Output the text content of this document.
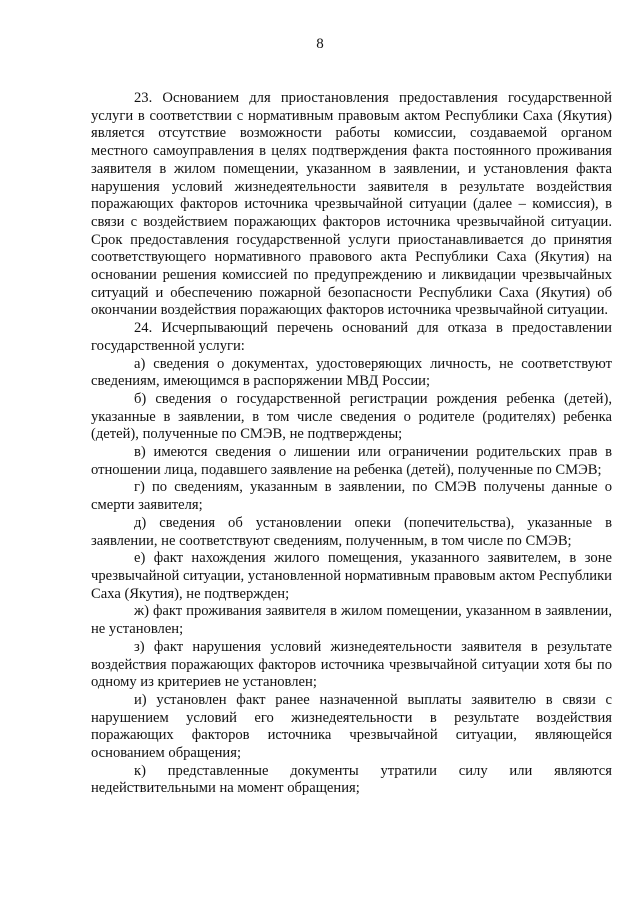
8

23. Основанием для приостановления предоставления государственной услуги в соответствии с нормативным правовым актом Республики Саха (Якутия) является отсутствие возможности работы комиссии, создаваемой органом местного самоуправления в целях подтверждения факта постоянного проживания заявителя в жилом помещении, указанном в заявлении, и установления факта нарушения условий жизнедеятельности заявителя в результате воздействия поражающих факторов источника чрезвычайной ситуации (далее – комиссия), в связи с воздействием поражающих факторов источника чрезвычайной ситуации. Срок предоставления государственной услуги приостанавливается до принятия соответствующего нормативного правового акта Республики Саха (Якутия) на основании решения комиссией по предупреждению и ликвидации чрезвычайных ситуаций и обеспечению пожарной безопасности Республики Саха (Якутия) об окончании воздействия поражающих факторов источника чрезвычайной ситуации.

24. Исчерпывающий перечень оснований для отказа в предоставлении государственной услуги:

а) сведения о документах, удостоверяющих личность, не соответствуют сведениям, имеющимся в распоряжении МВД России;

б) сведения о государственной регистрации рождения ребенка (детей), указанные в заявлении, в том числе сведения о родителе (родителях) ребенка (детей), полученные по СМЭВ, не подтверждены;

в) имеются сведения о лишении или ограничении родительских прав в отношении лица, подавшего заявление на ребенка (детей), полученные по СМЭВ;

г) по сведениям, указанным в заявлении, по СМЭВ получены данные о смерти заявителя;

д) сведения об установлении опеки (попечительства), указанные в заявлении, не соответствуют сведениям, полученным, в том числе по СМЭВ;

е) факт нахождения жилого помещения, указанного заявителем, в зоне чрезвычайной ситуации, установленной нормативным правовым актом Республики Саха (Якутия), не подтвержден;

ж) факт проживания заявителя в жилом помещении, указанном в заявлении, не установлен;

з) факт нарушения условий жизнедеятельности заявителя в результате воздействия поражающих факторов источника чрезвычайной ситуации хотя бы по одному из критериев не установлен;

и) установлен факт ранее назначенной выплаты заявителю в связи с нарушением условий его жизнедеятельности в результате воздействия поражающих факторов источника чрезвычайной ситуации, являющейся основанием обращения;

к) представленные документы утратили силу или являются недействительными на момент обращения;
